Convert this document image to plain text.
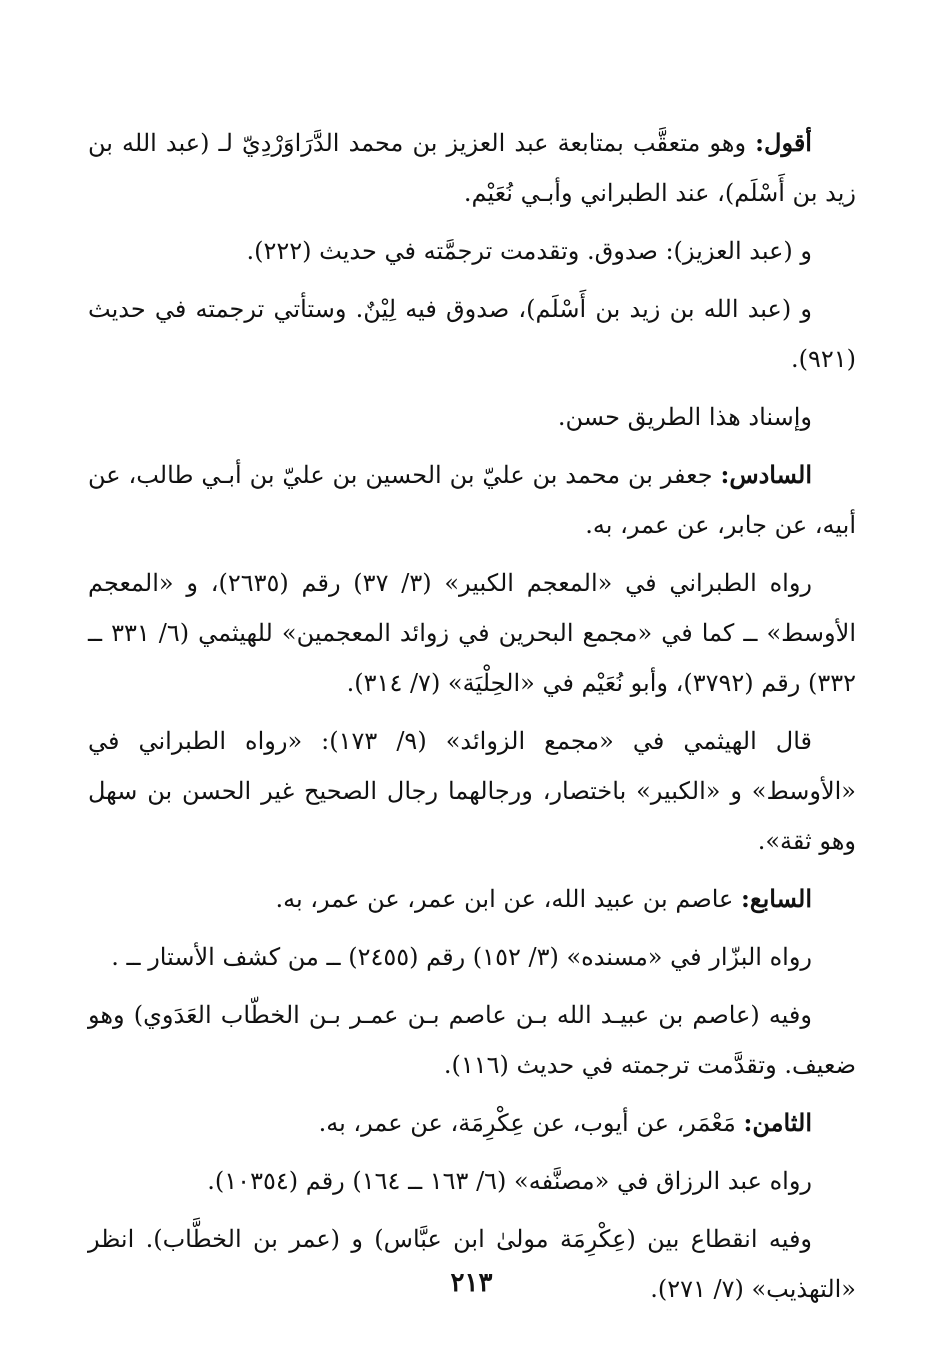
أقول: وهو متعقَّب بمتابعة عبد العزيز بن محمد الدَّرَاوَرْدِيّ لـ (عبد الله بن زيد بن أَسْلَم)، عند الطبراني وأبـي نُعَيْم.

و (عبد العزيز): صدوق. وتقدمت ترجمَّته في حديث (٢٢٢).

و (عبد الله بن زيد بن أَسْلَم)، صدوق فيه لِيْنٌ. وستأتي ترجمته في حديث (٩٢١).

وإسناد هذا الطريق حسن.

السادس: جعفر بن محمد بن عليّ بن الحسين بن عليّ بن أبـي طالب، عن أبيه، عن جابر، عن عمر، به.

رواه الطبراني في «المعجم الكبير» (٣/ ٣٧) رقم (٢٦٣٥)، و «المعجم الأوسط» ــ كما في «مجمع البحرين في زوائد المعجمين» للهيثمي (٦/ ٣٣١ ــ ٣٣٢) رقم (٣٧٩٢)، وأبو نُعَيْم في «الحِلْيَة» (٧/ ٣١٤).

قال الهيثمي في «مجمع الزوائد» (٩/ ١٧٣): «رواه الطبراني في «الأوسط» و «الكبير» باختصار، ورجالهما رجال الصحيح غير الحسن بن سهل وهو ثقة».

السابع: عاصم بن عبيد الله، عن ابن عمر، عن عمر، به.

رواه البزّار في «مسنده» (٣/ ١٥٢) رقم (٢٤٥٥) ــ من كشف الأستار ــ .

وفيه (عاصم بن عبيـد الله بـن عاصم بـن عمـر بـن الخطّاب العَدَوي) وهو ضعيف. وتقدَّمت ترجمته في حديث (١١٦).

الثامن: مَعْمَر، عن أيوب، عن عِكْرِمَة، عن عمر، به.

رواه عبد الرزاق في «مصنَّفه» (٦/ ١٦٣ ــ ١٦٤) رقم (١٠٣٥٤).

وفيه انقطاع بين (عِكْرِمَة مولىٰ ابن عبَّاس) و (عمر بن الخطَّاب). انظر «التهذيب» (٧/ ٢٧١).

٢١٣
